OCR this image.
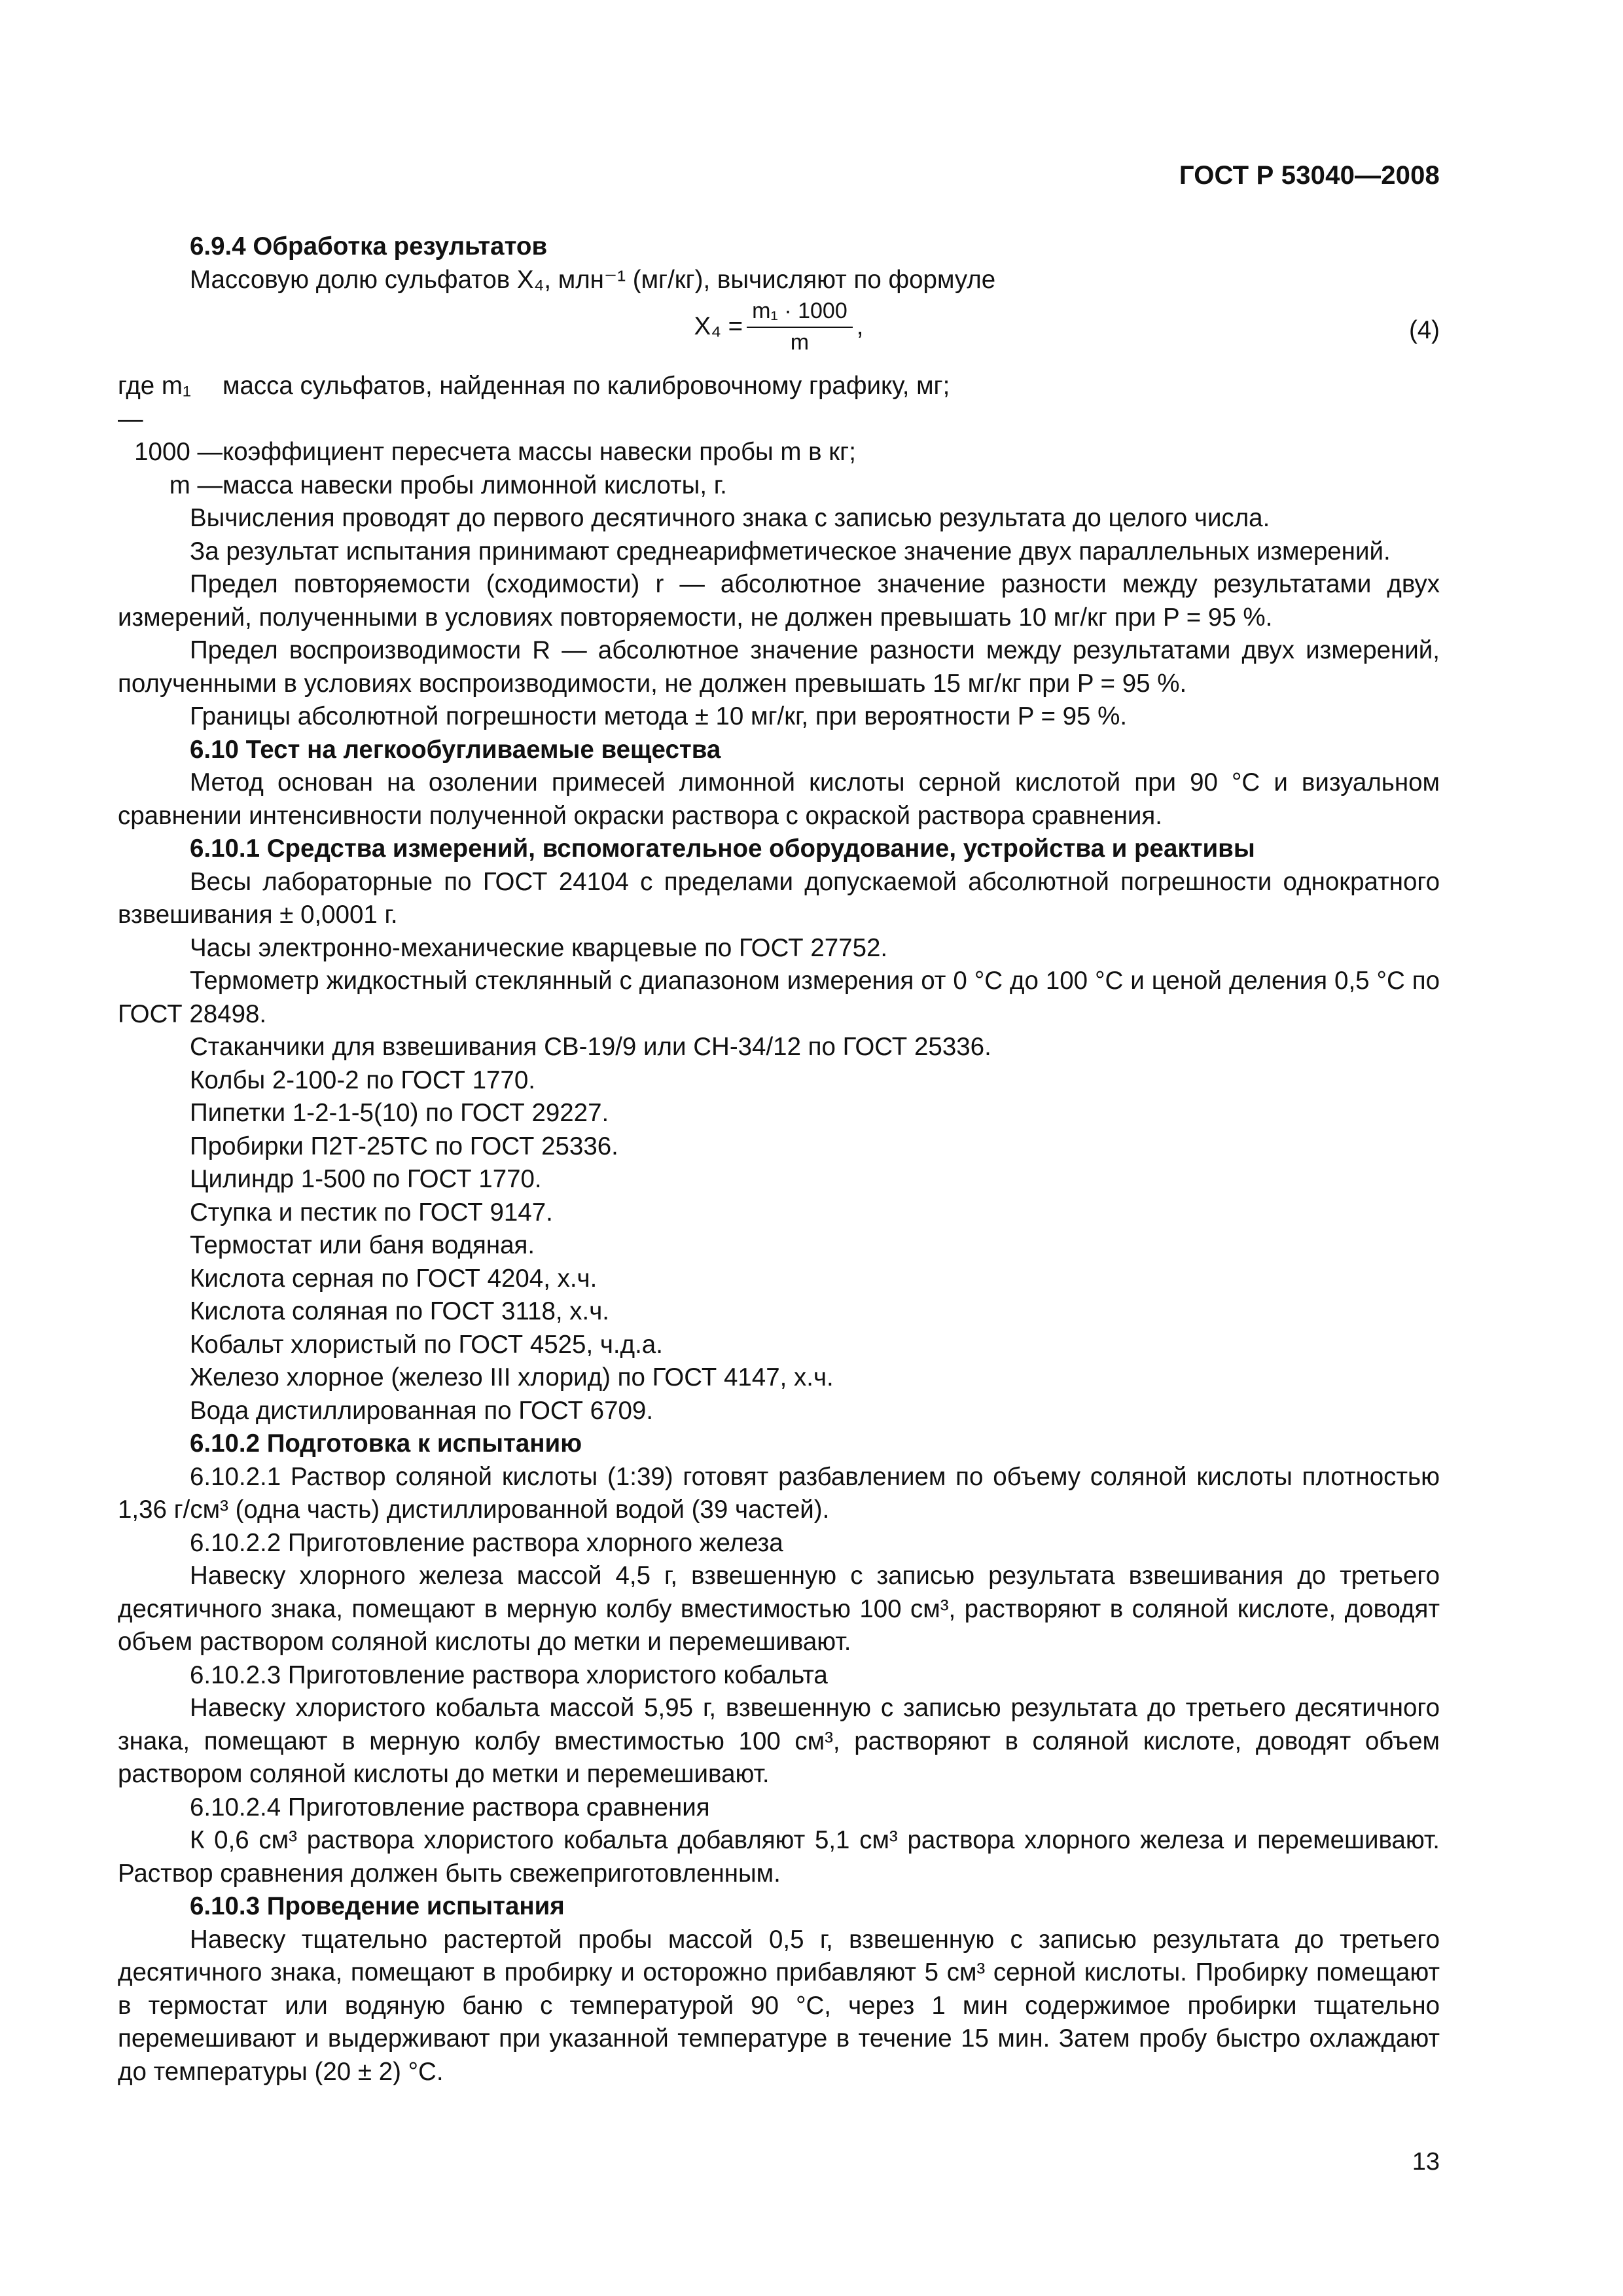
ГОСТ Р 53040—2008

6.9.4 Обработка результатов

Массовую долю сульфатов X₄, млн⁻¹ (мг/кг), вычисляют по формуле

$X_4 = \frac{\text{m₁ · 1000}}{m}$ ,	(4)
где m₁ —
масса сульфатов, найденная по калибровочному графику, мг;
1000 — коэффициент пересчета массы навески пробы m в кг;
m — масса навески пробы лимонной кислоты, г.

Вычисления проводят до первого десятичного знака с записью результата до целого числа.

За результат испытания принимают среднеарифметическое значение двух параллельных измерений.

Предел повторяемости (сходимости) r — абсолютное значение разности между результатами двух измерений, полученными в условиях повторяемости, не должен превышать 10 мг/кг при P = 95 %.

Предел воспроизводимости R — абсолютное значение разности между результатами двух измерений, полученными в условиях воспроизводимости, не должен превышать 15 мг/кг при P = 95 %.

Границы абсолютной погрешности метода ± 10 мг/кг, при вероятности P = 95 %.

6.10 Тест на легкообугливаемые вещества

Метод основан на озолении примесей лимонной кислоты серной кислотой при 90 °С и визуальном сравнении интенсивности полученной окраски раствора с окраской раствора сравнения.

6.10.1 Средства измерений, вспомогательное оборудование, устройства и реактивы

Весы лабораторные по ГОСТ 24104 с пределами допускаемой абсолютной погрешности однократного взвешивания ± 0,0001 г.

Часы электронно-механические кварцевые по ГОСТ 27752.

Термометр жидкостный стеклянный с диапазоном измерения от 0 °С до 100 °С и ценой деления 0,5 °С по ГОСТ 28498.

Стаканчики для взвешивания СВ-19/9 или СН-34/12 по ГОСТ 25336.

Колбы 2-100-2 по ГОСТ 1770.

Пипетки 1-2-1-5(10) по ГОСТ 29227.

Пробирки П2Т-25ТС по ГОСТ 25336.

Цилиндр 1-500 по ГОСТ 1770.

Ступка и пестик по ГОСТ 9147.

Термостат или баня водяная.

Кислота серная по ГОСТ 4204, х.ч.

Кислота соляная по ГОСТ 3118, х.ч.

Кобальт хлористый по ГОСТ 4525, ч.д.а.

Железо хлорное (железо III хлорид) по ГОСТ 4147, х.ч.

Вода дистиллированная по ГОСТ 6709.

6.10.2 Подготовка к испытанию

6.10.2.1 Раствор соляной кислоты (1:39) готовят разбавлением по объему соляной кислоты плотностью 1,36 г/см³ (одна часть) дистиллированной водой (39 частей).

6.10.2.2 Приготовление раствора хлорного железа

Навеску хлорного железа массой 4,5 г, взвешенную с записью результата взвешивания до третьего десятичного знака, помещают в мерную колбу вместимостью 100 см³, растворяют в соляной кислоте, доводят объем раствором соляной кислоты до метки и перемешивают.

6.10.2.3 Приготовление раствора хлористого кобальта

Навеску хлористого кобальта массой 5,95 г, взвешенную с записью результата до третьего десятичного знака, помещают в мерную колбу вместимостью 100 см³, растворяют в соляной кислоте, доводят объем раствором соляной кислоты до метки и перемешивают.

6.10.2.4 Приготовление раствора сравнения

К 0,6 см³ раствора хлористого кобальта добавляют 5,1 см³ раствора хлорного железа и перемешивают. Раствор сравнения должен быть свежеприготовленным.

6.10.3 Проведение испытания

Навеску тщательно растертой пробы массой 0,5 г, взвешенную с записью результата до третьего десятичного знака, помещают в пробирку и осторожно прибавляют 5 см³ серной кислоты. Пробирку помещают в термостат или водяную баню с температурой 90 °С, через 1 мин содержимое пробирки тщательно перемешивают и выдерживают при указанной температуре в течение 15 мин. Затем пробу быстро охлаждают до температуры (20 ± 2) °С.

13
